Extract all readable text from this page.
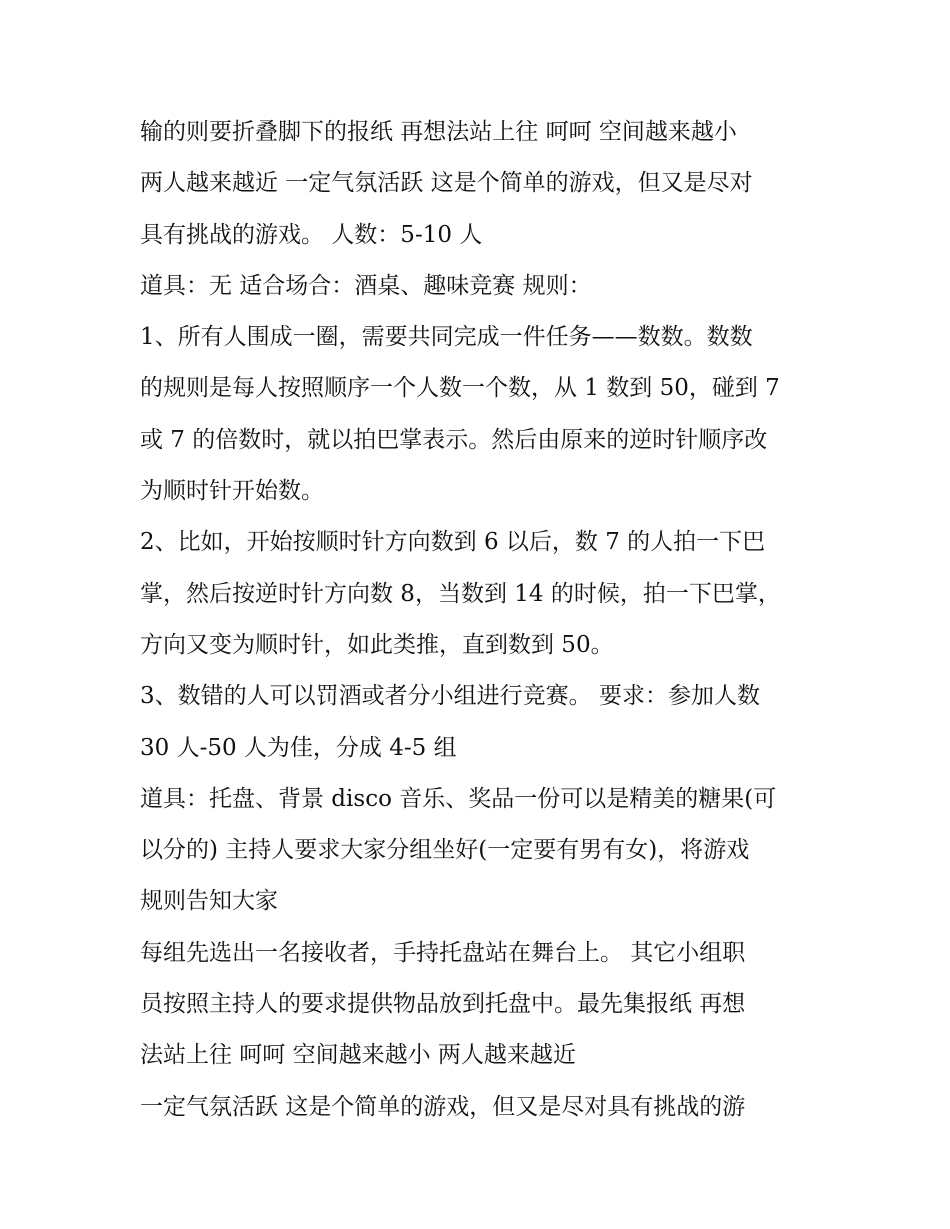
输的则要折叠脚下的报纸 再想法站上往 呵呵 空间越来越小
两人越来越近 一定气氛活跃 这是个简单的游戏，但又是尽对
具有挑战的游戏。 人数：5-10 人
道具：无 适合场合：酒桌、趣味竞赛 规则：
1、所有人围成一圈，需要共同完成一件任务——数数。数数
的规则是每人按照顺序一个人数一个数，从 1 数到 50，碰到 7
或 7 的倍数时，就以拍巴掌表示。然后由原来的逆时针顺序改
为顺时针开始数。
2、比如，开始按顺时针方向数到 6 以后，数 7 的人拍一下巴
掌，然后按逆时针方向数 8，当数到 14 的时候，拍一下巴掌，
方向又变为顺时针，如此类推，直到数到 50。
3、数错的人可以罚酒或者分小组进行竞赛。 要求：参加人数
30 人-50 人为佳，分成 4-5 组
道具：托盘、背景 disco 音乐、奖品一份可以是精美的糖果(可
以分的) 主持人要求大家分组坐好(一定要有男有女)，将游戏
规则告知大家
每组先选出一名接收者，手持托盘站在舞台上。 其它小组职
员按照主持人的要求提供物品放到托盘中。最先集报纸 再想
法站上往 呵呵 空间越来越小 两人越来越近
一定气氛活跃 这是个简单的游戏，但又是尽对具有挑战的游
